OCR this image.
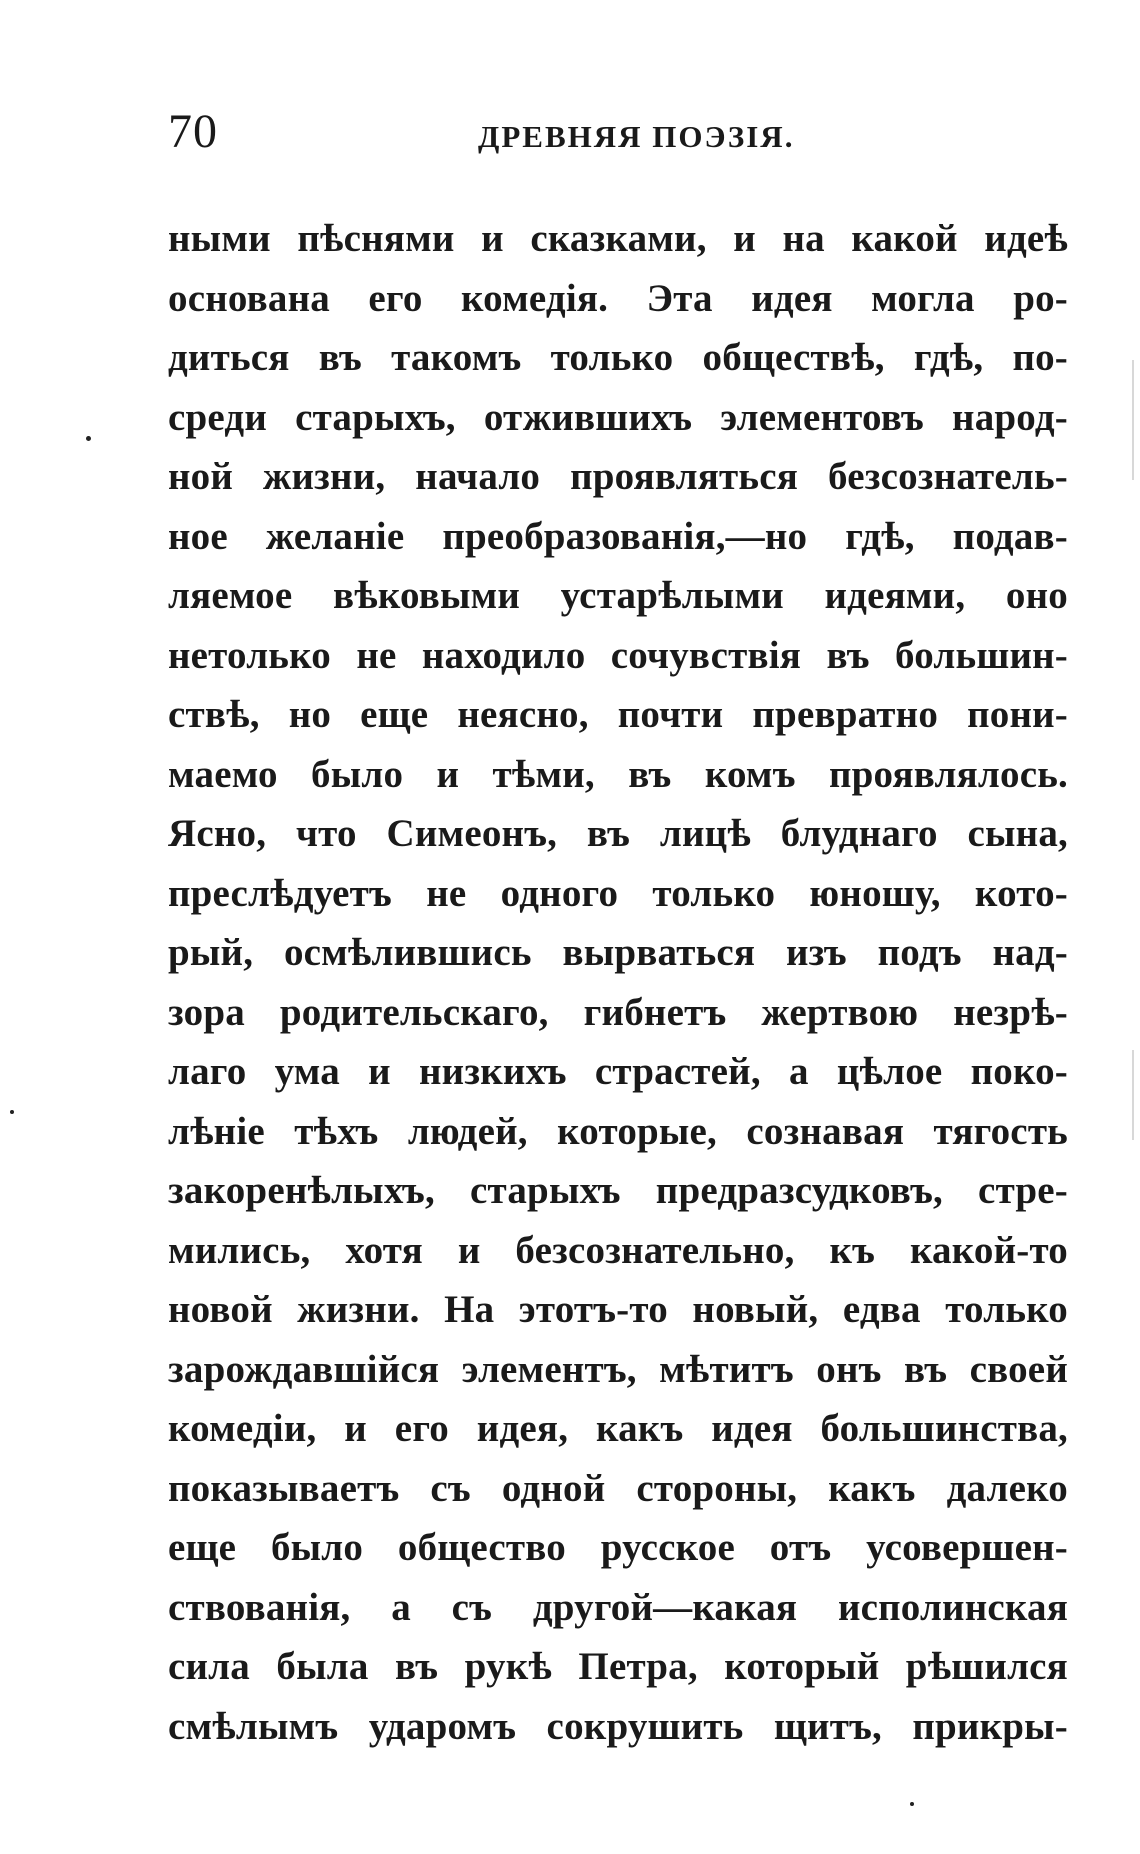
70	ДРЕВНЯЯ ПОЭЗІЯ.
ными пѣснями и сказками, и на какой идеѣ
основана его комедія. Эта идея могла ро-
диться въ такомъ только обществѣ, гдѣ, по-
среди старыхъ, отжившихъ элементовъ народ-
ной жизни, начало проявляться безсознатель-
ное желаніе преобразованія,—но гдѣ, подав-
ляемое вѣковыми устарѣлыми идеями, оно
нетолько не находило сочувствія въ большин-
ствѣ, но еще неясно, почти превратно пони-
маемо было и тѣми, въ комъ проявлялось.
Ясно, что Симеонъ, въ лицѣ блуднаго сына,
преслѣдуетъ не одного только юношу, кото-
рый, осмѣлившись вырваться изъ подъ над-
зора родительскаго, гибнетъ жертвою незрѣ-
лаго ума и низкихъ страстей, а цѣлое поко-
лѣніе тѣхъ людей, которые, сознавая тягость
закоренѣлыхъ, старыхъ предразсудковъ, стре-
мились, хотя и безсознательно, къ какой-то
новой жизни. На этотъ-то новый, едва только
зарождавшійся элементъ, мѣтитъ онъ въ своей
комедіи, и его идея, какъ идея большинства,
показываетъ съ одной стороны, какъ далеко
еще было общество русское отъ усовершен-
ствованія, а съ другой—какая исполинская
сила была въ рукѣ Петра, который рѣшился
смѣлымъ ударомъ сокрушить щитъ, прикры-
